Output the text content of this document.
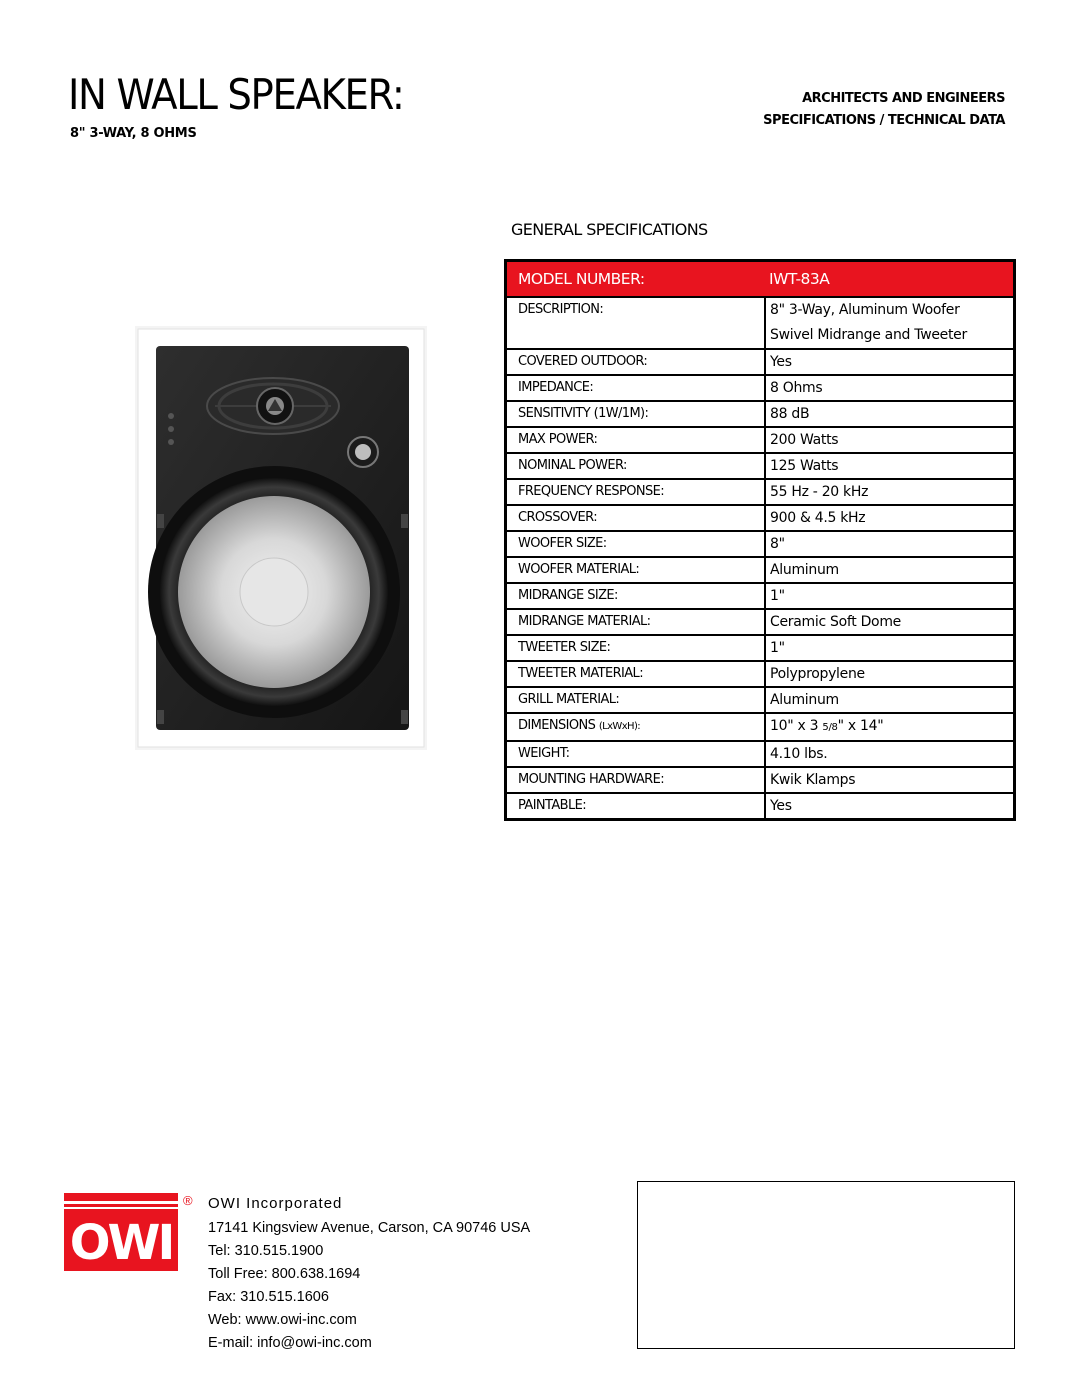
IN WALL SPEAKER:
8" 3-WAY, 8 OHMS
ARCHITECTS AND ENGINEERS
SPECIFICATIONS / TECHNICAL DATA
GENERAL SPECIFICATIONS
MODEL NUMBER:	IWT-83A
DESCRIPTION:	8" 3-Way, Aluminum Woofer
Swivel Midrange and Tweeter
COVERED OUTDOOR:	Yes
IMPEDANCE:	8 Ohms
SENSITIVITY (1W/1M):	88 dB
MAX POWER:	200 Watts
NOMINAL POWER:	125 Watts
FREQUENCY RESPONSE:	55 Hz - 20 kHz
CROSSOVER:	900 & 4.5 kHz
WOOFER SIZE:	8"
WOOFER MATERIAL:	Aluminum
MIDRANGE SIZE:	1"
MIDRANGE MATERIAL:	Ceramic Soft Dome
TWEETER SIZE:	1"
TWEETER MATERIAL:	Polypropylene
GRILL MATERIAL:	Aluminum
DIMENSIONS (LxWxH):	10" x 3 5/8" x 14"
WEIGHT:	4.10 lbs.
MOUNTING HARDWARE:	Kwik Klamps
PAINTABLE:	Yes
OWI
® OWI Incorporated
17141 Kingsview Avenue, Carson, CA 90746 USA
Tel: 310.515.1900
Toll Free: 800.638.1694
Fax: 310.515.1606
Web: www.owi-inc.com
E-mail: info@owi-inc.com
